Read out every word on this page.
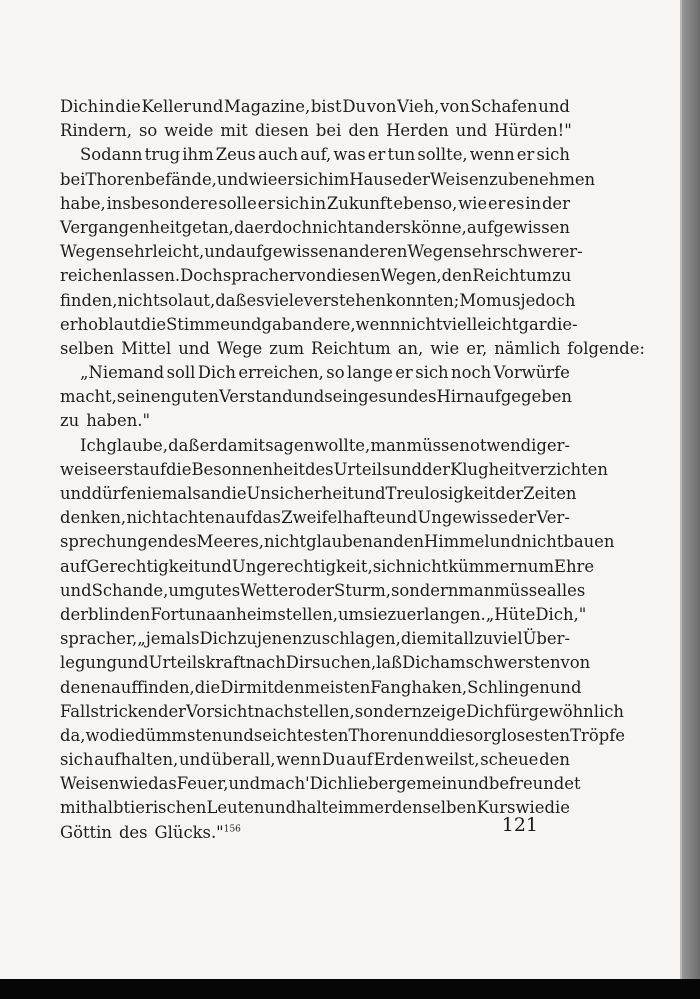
Dich in die Keller und Magazine, bist Du von Vieh, von Schafen und
Rindern, so weide mit diesen bei den Herden und Hürden!"
Sodann trug ihm Zeus auch auf, was er tun sollte, wenn er sich
bei Thoren befände, und wie er sich im Hause der Weisen zu benehmen
habe, insbesondere solle er sich in Zukunft ebenso, wie er es in der
Vergangenheit getan, da er doch nicht anders könne, auf gewissen
Wegen sehr leicht, und auf gewissen anderen Wegen sehr schwer er-
reichen lassen. Doch sprach er von diesen Wegen, den Reichtum zu
finden, nicht so laut, daß es viele verstehen konnten; Momus jedoch
erhob laut die Stimme und gab andere, wenn nicht vielleicht gar die-
selben Mittel und Wege zum Reichtum an, wie er, nämlich folgende:
„Niemand soll Dich erreichen, so lange er sich noch Vorwürfe
macht, seinen guten Verstand und sein gesundes Hirn aufgegeben
zu haben."
Ich glaube, daß er damit sagen wollte, man müsse notwendiger-
weise erst auf die Besonnenheit des Urteils und der Klugheit verzichten
und dürfe niemals an die Unsicherheit und Treulosigkeit der Zeiten
denken, nicht achten auf das Zweifelhafte und Ungewisse der Ver-
sprechungen des Meeres, nicht glauben an den Himmel und nicht bauen
auf Gerechtigkeit und Ungerechtigkeit, sich nicht kümmern um Ehre
und Schande, um gutes Wetter oder Sturm, sondern man müsse alles
der blinden Fortuna anheimstellen, um sie zu erlangen. „Hüte Dich,"
sprach er, „jemals Dich zu jenen zu schlagen, die mit allzuviel Über-
legung und Urteilskraft nach Dir suchen, laß Dich am schwersten von
denen auffinden, die Dir mit den meisten Fanghaken, Schlingen und
Fallstricken der Vorsicht nachstellen, sondern zeige Dich für gewöhnlich
da, wo die dümmsten und seichtesten Thoren und die sorglosesten Tröpfe
sich aufhalten, und überall, wenn Du auf Erden weilst, scheue den
Weisen wie das Feuer, und mach' Dich lieber gemein und befreundet
mit halbtierischen Leuten und halte immer denselben Kurs wie die
Göttin des Glücks."$^{156}$	121
